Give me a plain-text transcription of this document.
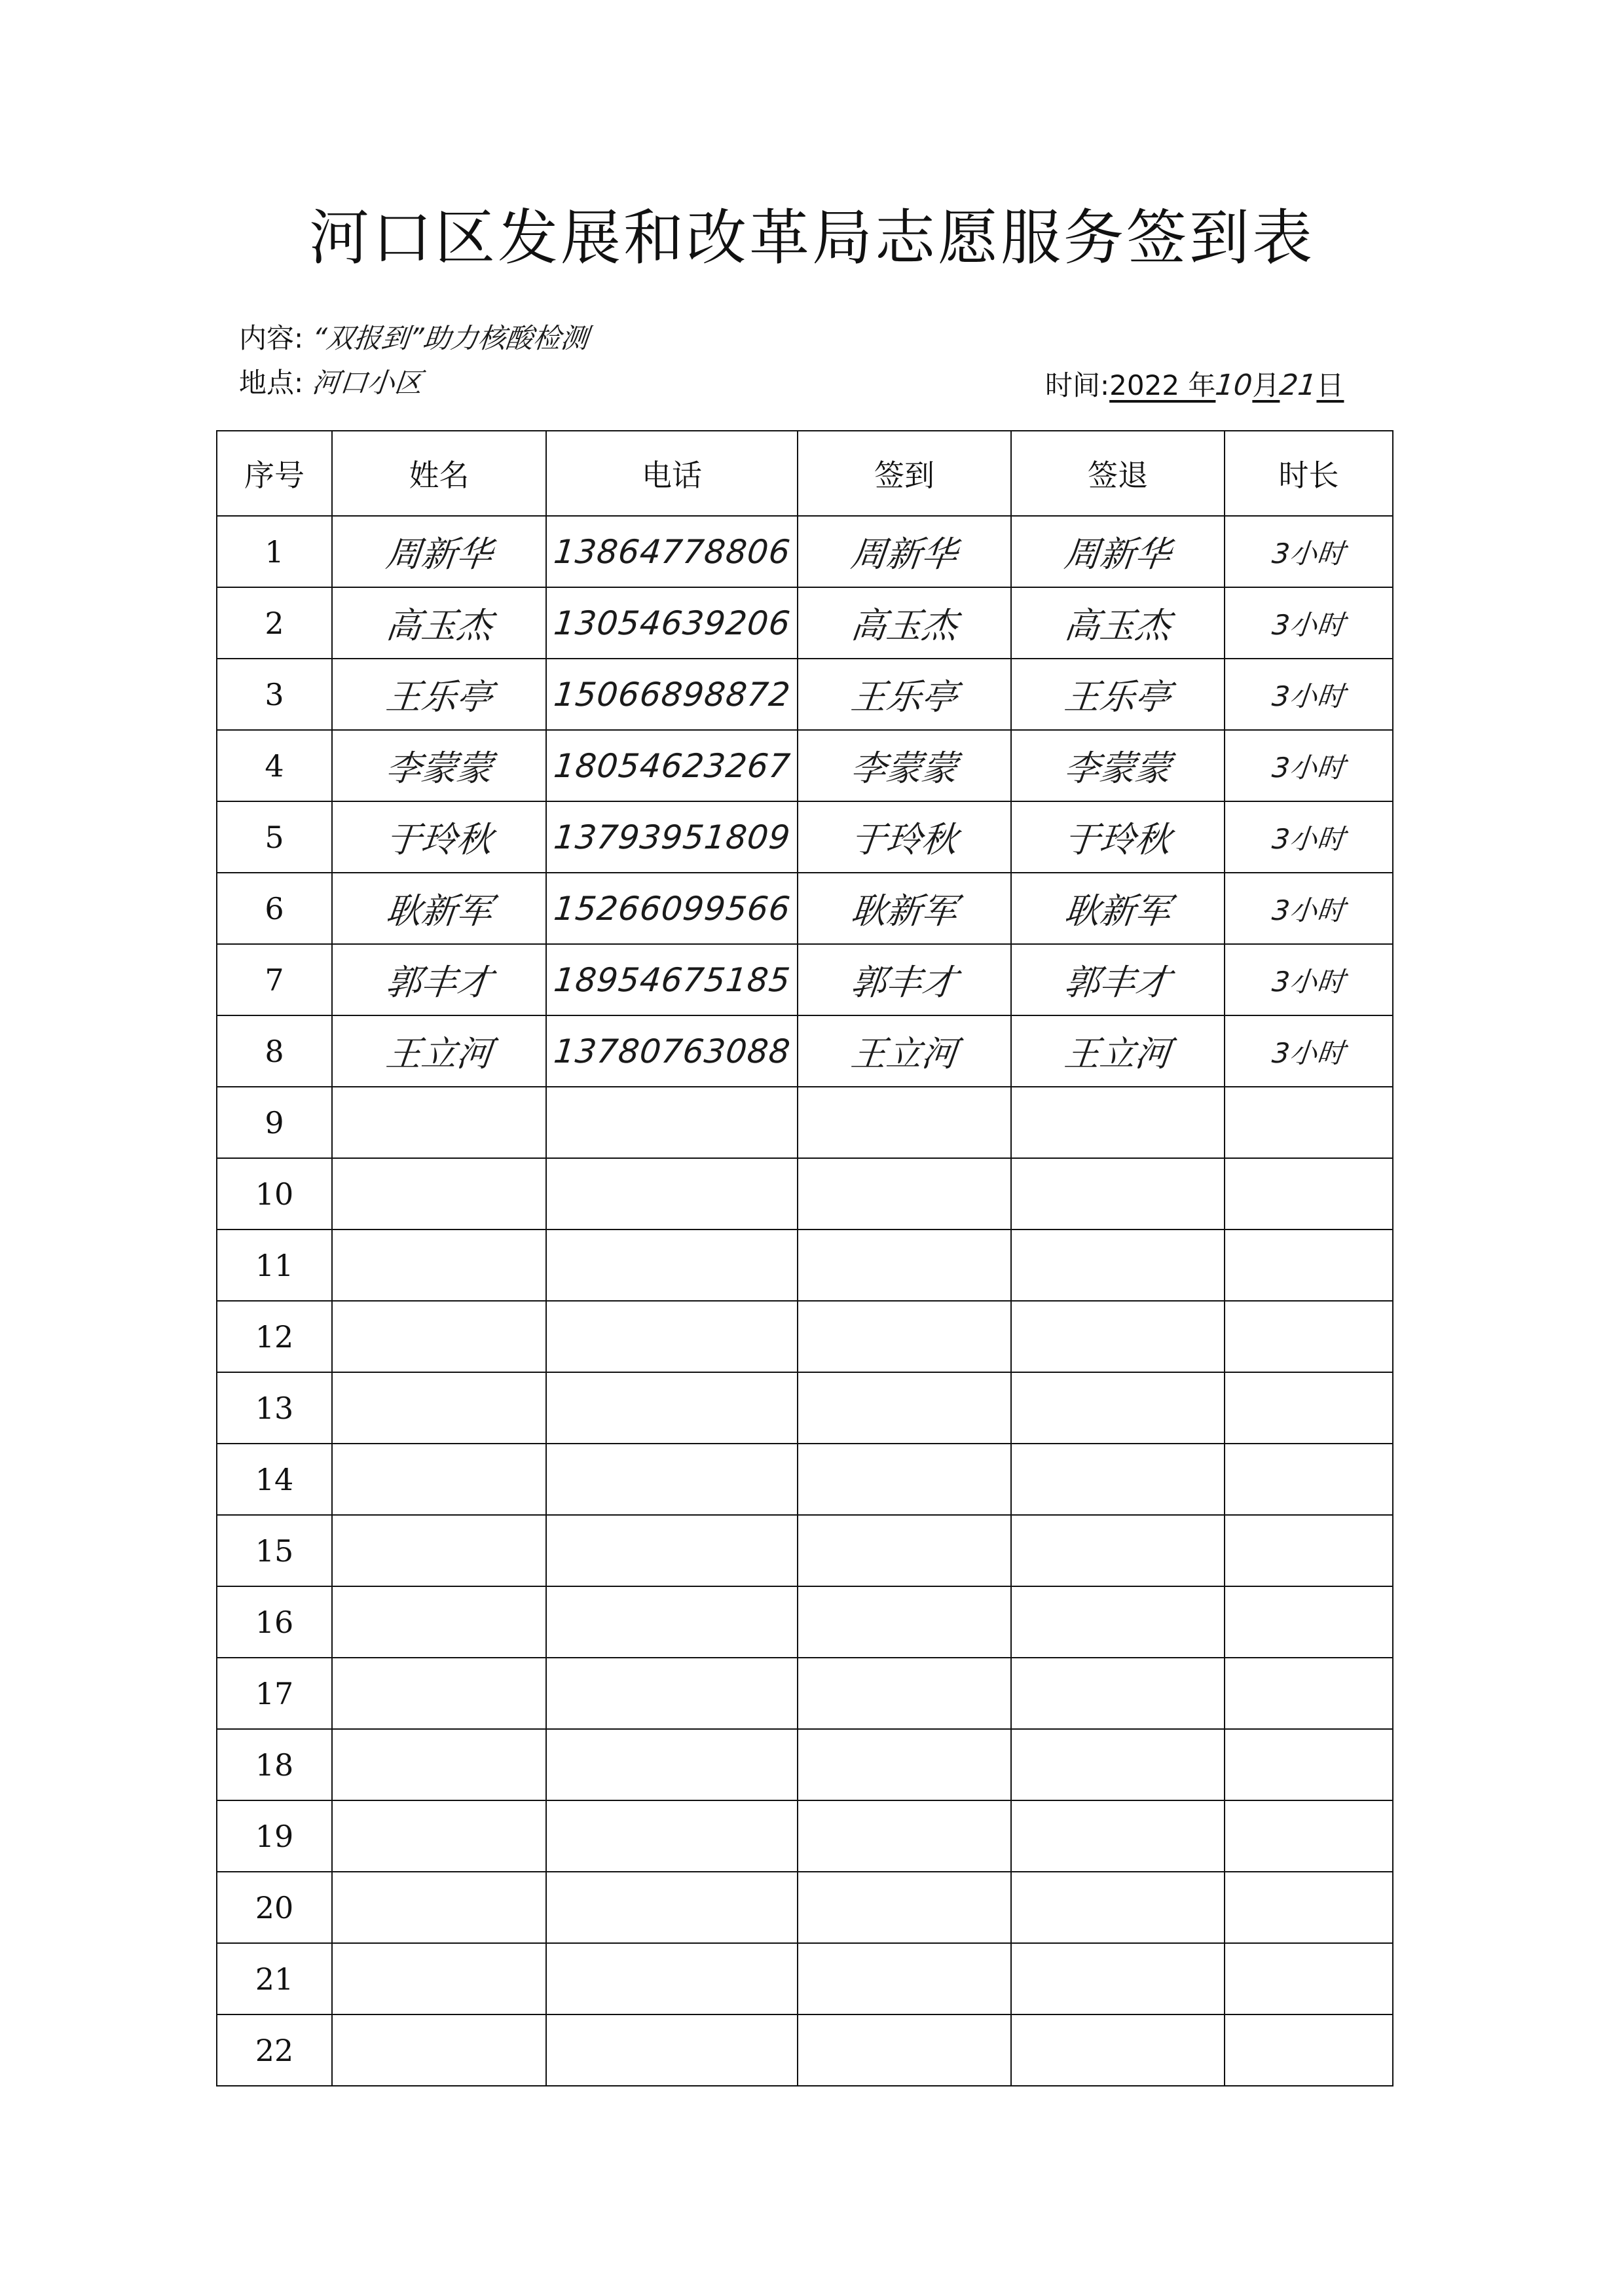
河口区发展和改革局志愿服务签到表
内容: “双报到”助力核酸检测
地点: 河口小区	时间:2022 年10月21日
序号	姓名	电话	签到	签退	时长
1	周新华	13864778806	周新华	周新华	3小时
2	高玉杰	13054639206	高玉杰	高玉杰	3小时
3	王乐亭	15066898872	王乐亭	王乐亭	3小时
4	李蒙蒙	18054623267	李蒙蒙	李蒙蒙	3小时
5	于玲秋	13793951809	于玲秋	于玲秋	3小时
6	耿新军	15266099566	耿新军	耿新军	3小时
7	郭丰才	18954675185	郭丰才	郭丰才	3小时
8	王立河	13780763088	王立河	王立河	3小时
9					
10					
11					
12					
13					
14					
15					
16					
17					
18					
19					
20					
21					
22					
